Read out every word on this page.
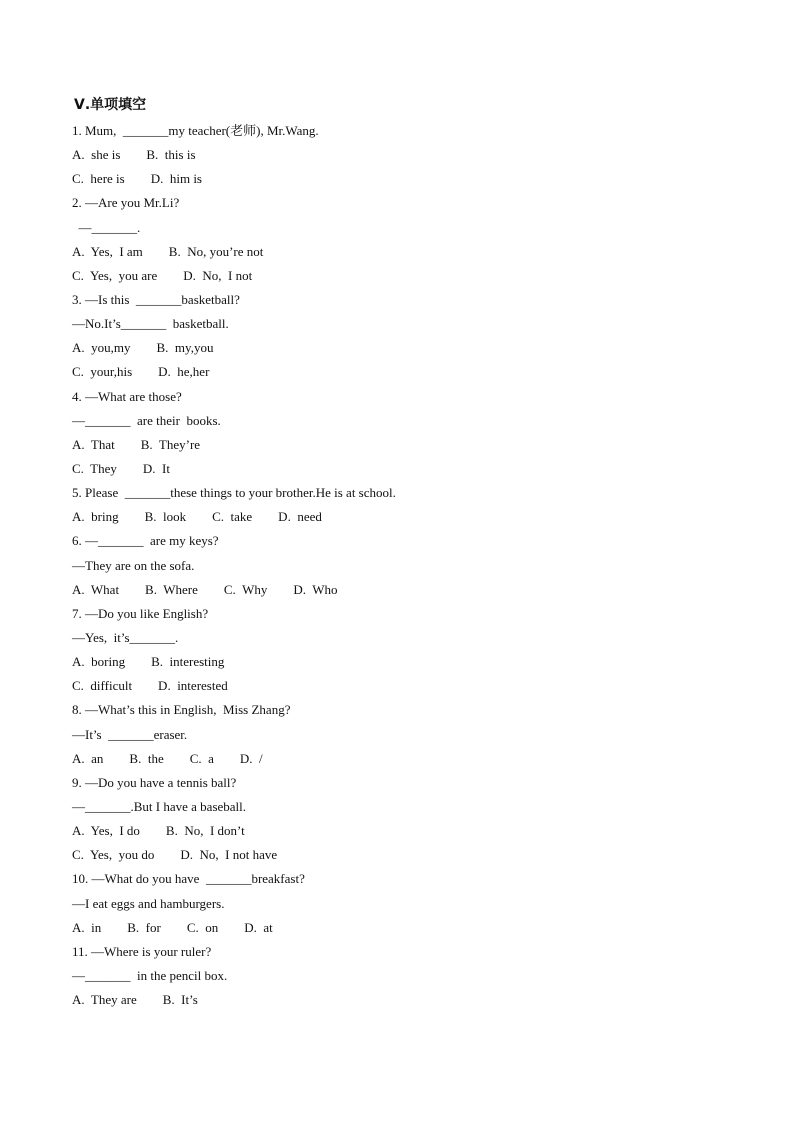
Ⅴ.单项填空
1. Mum,  _______my teacher(老师), Mr.Wang.
A.  she is        B.  this is
C.  here is        D.  him is
2. —Are you Mr.Li?
—_______.
A.  Yes,  I am        B.  No, you’re not
C.  Yes,  you are        D.  No,  I not
3. —Is this  _______basketball?
—No.It’s_______  basketball.
A.  you,my        B.  my,you
C.  your,his        D.  he,her
4. —What are those?
—_______  are their  books.
A.  That        B.  They’re
C.  They        D.  It
5. Please  _______these things to your brother.He is at school.
A.  bring        B.  look        C.  take        D.  need
6. —_______  are my keys?
—They are on the sofa.
A.  What        B.  Where        C.  Why        D.  Who
7. —Do you like English?
—Yes,  it’s_______.
A.  boring        B.  interesting
C.  difficult        D.  interested
8. —What’s this in English,  Miss Zhang?
—It’s  _______eraser.
A.  an        B.  the        C.  a        D.  /
9. —Do you have a tennis ball?
—_______.But I have a baseball.
A.  Yes,  I do        B.  No,  I don’t
C.  Yes,  you do        D.  No,  I not have
10. —What do you have  _______breakfast?
—I eat eggs and hamburgers.
A.  in        B.  for        C.  on        D.  at
11. —Where is your ruler?
—_______  in the pencil box.
A.  They are        B.  It’s
